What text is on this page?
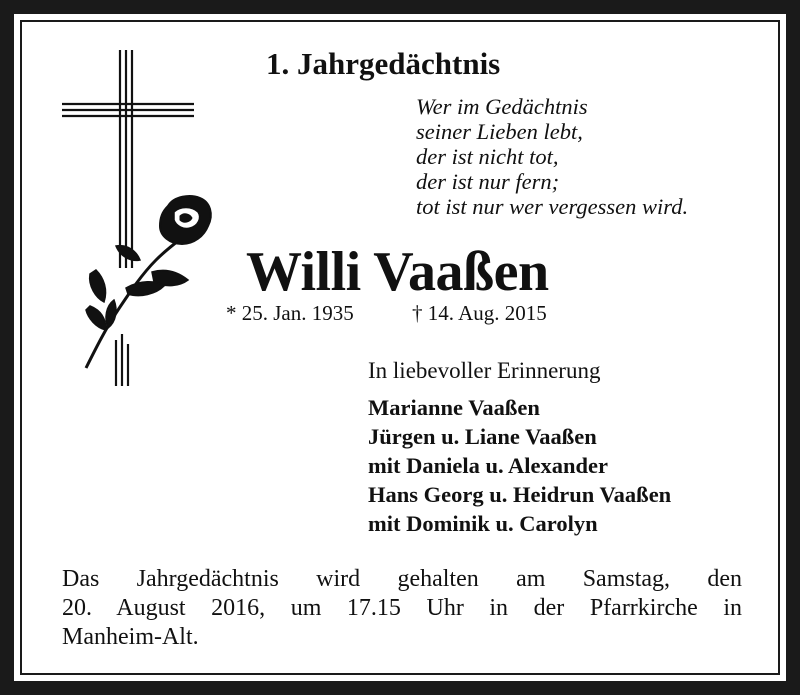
1. Jahrgedächtnis
Wer im Gedächtnis
seiner Lieben lebt,
der ist nicht tot,
der ist nur fern;
tot ist nur wer vergessen wird.
Willi Vaaßen
* 25. Jan. 1935	† 14. Aug. 2015
In liebevoller Erinnerung
Marianne Vaaßen
Jürgen u. Liane Vaaßen
mit Daniela u. Alexander
Hans Georg u. Heidrun Vaaßen
mit Dominik u. Carolyn
Das Jahrgedächtnis wird gehalten am Samstag, den
20. August 2016, um 17.15 Uhr in der Pfarrkirche in
Manheim-Alt.
